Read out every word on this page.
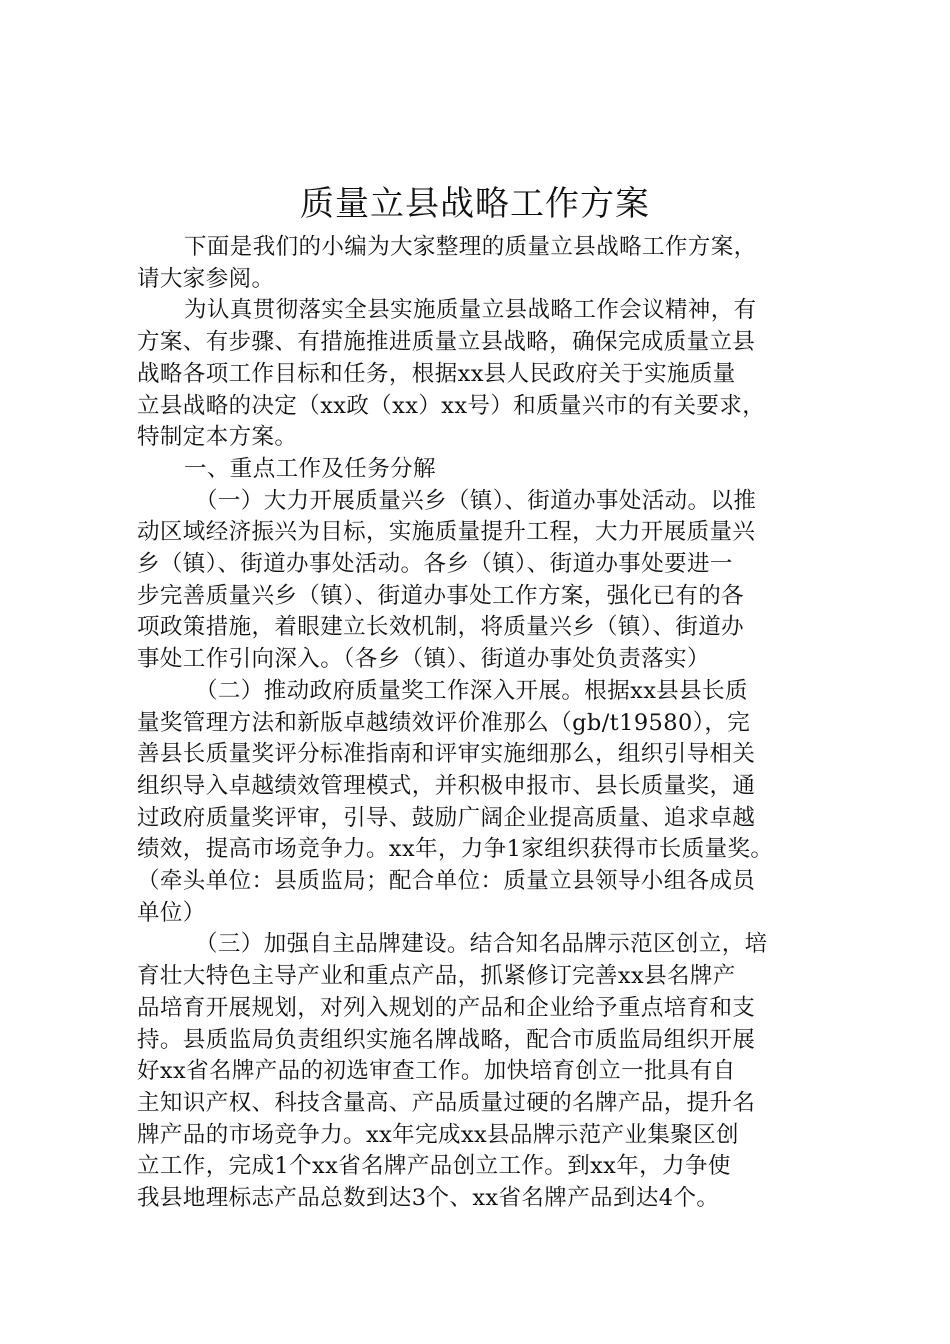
质量立县战略工作方案
下面是我们的小编为大家整理的质量立县战略工作方案，
请大家参阅。
为认真贯彻落实全县实施质量立县战略工作会议精神，有
方案、有步骤、有措施推进质量立县战略，确保完成质量立县
战略各项工作目标和任务，根据xx县人民政府关于实施质量
立县战略的决定（xx政（xx）xx号）和质量兴市的有关要求，
特制定本方案。
一、重点工作及任务分解
（一）大力开展质量兴乡（镇）、街道办事处活动。以推
动区域经济振兴为目标，实施质量提升工程，大力开展质量兴
乡（镇）、街道办事处活动。各乡（镇）、街道办事处要进一
步完善质量兴乡（镇）、街道办事处工作方案，强化已有的各
项政策措施，着眼建立长效机制，将质量兴乡（镇）、街道办
事处工作引向深入。（各乡（镇）、街道办事处负责落实）
（二）推动政府质量奖工作深入开展。根据xx县县长质
量奖管理方法和新版卓越绩效评价准那么（gb/t19580），完
善县长质量奖评分标准指南和评审实施细那么，组织引导相关
组织导入卓越绩效管理模式，并积极申报市、县长质量奖，通
过政府质量奖评审，引导、鼓励广阔企业提高质量、追求卓越
绩效，提高市场竞争力。xx年，力争1家组织获得市长质量奖。
（牵头单位：县质监局；配合单位：质量立县领导小组各成员
单位）
（三）加强自主品牌建设。结合知名品牌示范区创立，培
育壮大特色主导产业和重点产品，抓紧修订完善xx县名牌产
品培育开展规划，对列入规划的产品和企业给予重点培育和支
持。县质监局负责组织实施名牌战略，配合市质监局组织开展
好xx省名牌产品的初选审查工作。加快培育创立一批具有自
主知识产权、科技含量高、产品质量过硬的名牌产品，提升名
牌产品的市场竞争力。xx年完成xx县品牌示范产业集聚区创
立工作，完成1个xx省名牌产品创立工作。到xx年，力争使
我县地理标志产品总数到达3个、xx省名牌产品到达4个。
